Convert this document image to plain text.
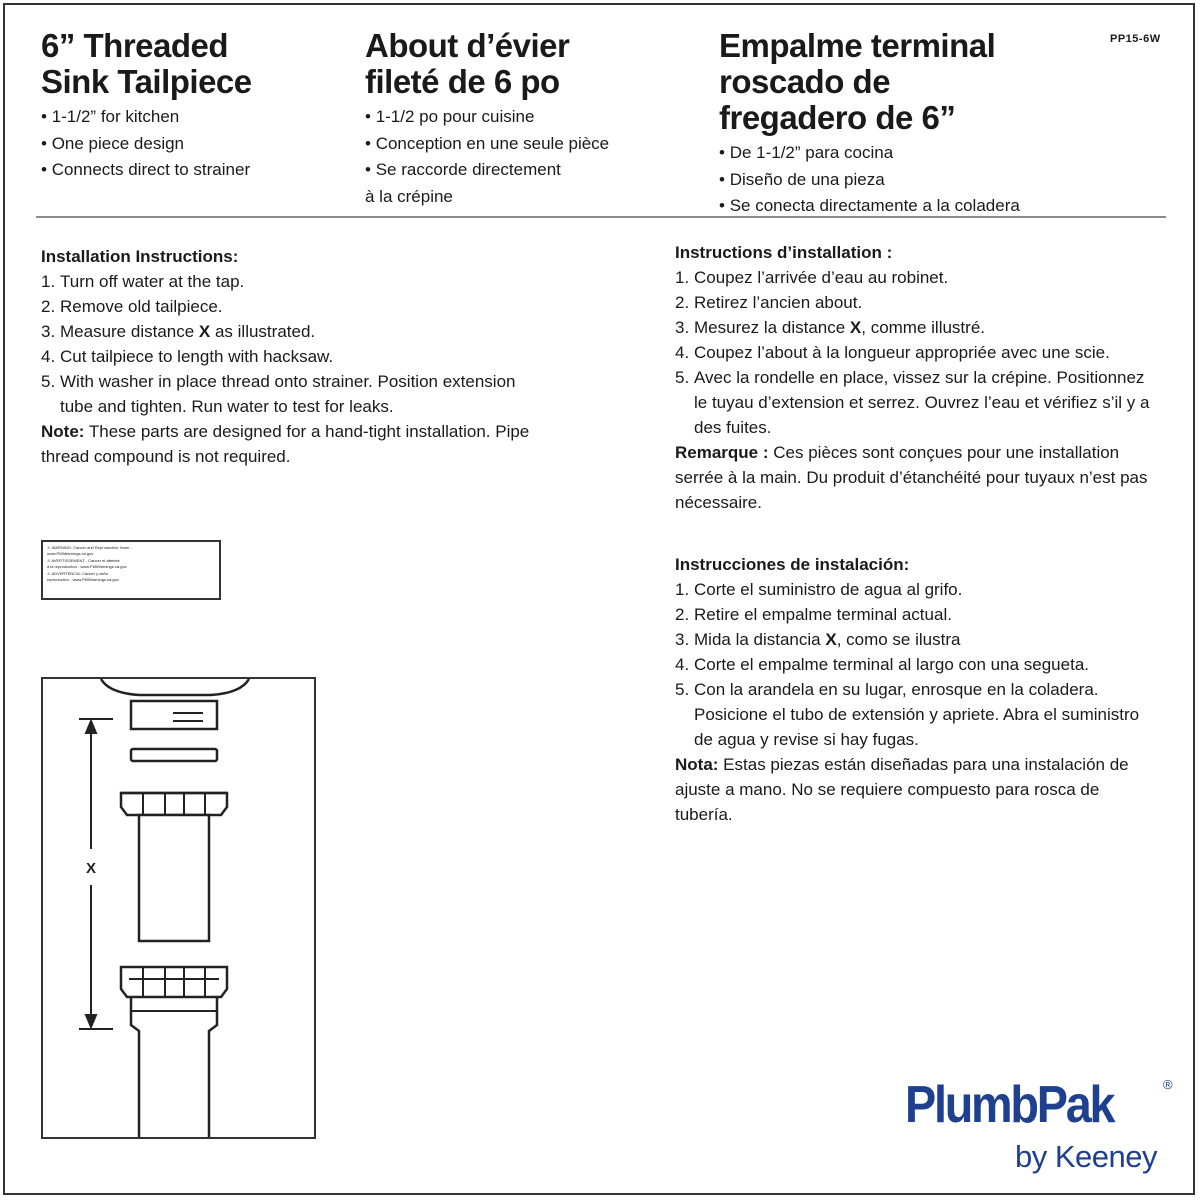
PP15-6W
6” Threaded
Sink Tailpiece
• 1-1/2” for kitchen
• One piece design
• Connects direct to strainer
About d’évier
fileté de 6 po
• 1-1/2 po pour cuisine
• Conception en une seule pièce
• Se raccorde directement
à la crépine
Empalme terminal
roscado de
fregadero de 6”
• De 1-1/2” para cocina
• Diseño de una pieza
• Se conecta directamente a la coladera
Installation Instructions:
1. Turn off water at the tap.
2. Remove old tailpiece.
3. Measure distance X as illustrated.
4. Cut tailpiece to length with hacksaw.
5. With washer in place thread onto strainer. Position extension tube and tighten. Run water to test for leaks.

Note: These parts are designed for a hand-tight installation. Pipe thread compound is not required.

Instructions d’installation :
1. Coupez l’arrivée d’eau au robinet.
2. Retirez l’ancien about.
3. Mesurez la distance X, comme illustré.
4. Coupez l’about à la longueur appropriée avec une scie.
5. Avec la rondelle en place, vissez sur la crépine. Positionnez le tuyau d’extension et serrez. Ouvrez l’eau et vérifiez s’il y a des fuites.

Remarque : Ces pièces sont conçues pour une installation serrée à la main. Du produit d’étanchéité pour tuyaux n’est pas nécessaire.

Instrucciones de instalación:
1. Corte el suministro de agua al grifo.
2. Retire el empalme terminal actual.
3. Mida la distancia X, como se ilustra
4. Corte el empalme terminal al largo con una segueta.
5. Con la arandela en su lugar, enrosque en la coladera. Posicione el tubo de extensión y apriete. Abra el suministro de agua y revise si hay fugas.

Nota: Estas piezas están diseñadas para una instalación de ajuste a mano. No se requiere compuesto para rosca de tubería.

⚠ WARNING: Cancer and Reproductive Harm -
www.P65Warnings.ca.gov
⚠ AVERTISSEMENT : Cancer et atteinte
à la reproduction - www.P65Warnings.ca.gov
⚠ ADVERTENCIA: Cáncer y daño
reproductivo - www.P65Warnings.ca.gov
X
PlumbPak	®
by Keeney
